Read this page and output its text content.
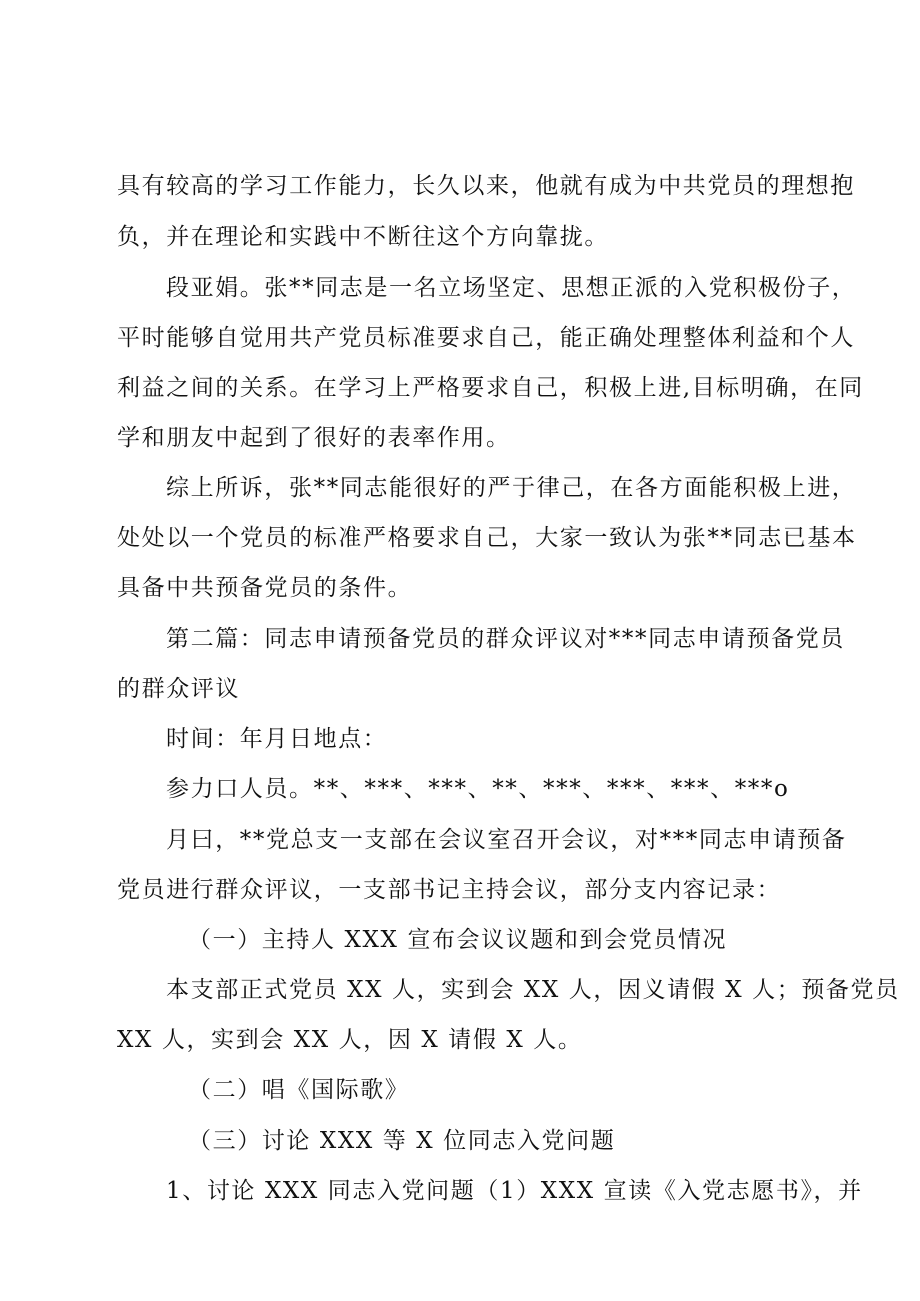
具有较高的学习工作能力，长久以来，他就有成为中共党员的理想抱
负，并在理论和实践中不断往这个方向靠拢。
段亚娟。张**同志是一名立场坚定、思想正派的入党积极份子，
平时能够自觉用共产党员标准要求自己，能正确处理整体利益和个人
利益之间的关系。在学习上严格要求自己，积极上进,目标明确，在同
学和朋友中起到了很好的表率作用。
综上所诉，张**同志能很好的严于律己，在各方面能积极上进，
处处以一个党员的标准严格要求自己，大家一致认为张**同志已基本
具备中共预备党员的条件。
第二篇：同志申请预备党员的群众评议对***同志申请预备党员
的群众评议
时间：年月日地点：
参力口人员。**、***、***、**、***、***、***、***o
月曰，**党总支一支部在会议室召开会议，对***同志申请预备
党员进行群众评议，一支部书记主持会议，部分支内容记录：
（一）主持人 XXX 宣布会议议题和到会党员情况
本支部正式党员 XX 人，实到会 XX 人，因义请假 X 人；预备党员
XX 人，实到会 XX 人，因 X 请假 X 人。
（二）唱《国际歌》
（三）讨论 XXX 等 X 位同志入党问题
1、讨论 XXX 同志入党问题（1）XXX 宣读《入党志愿书》，并
